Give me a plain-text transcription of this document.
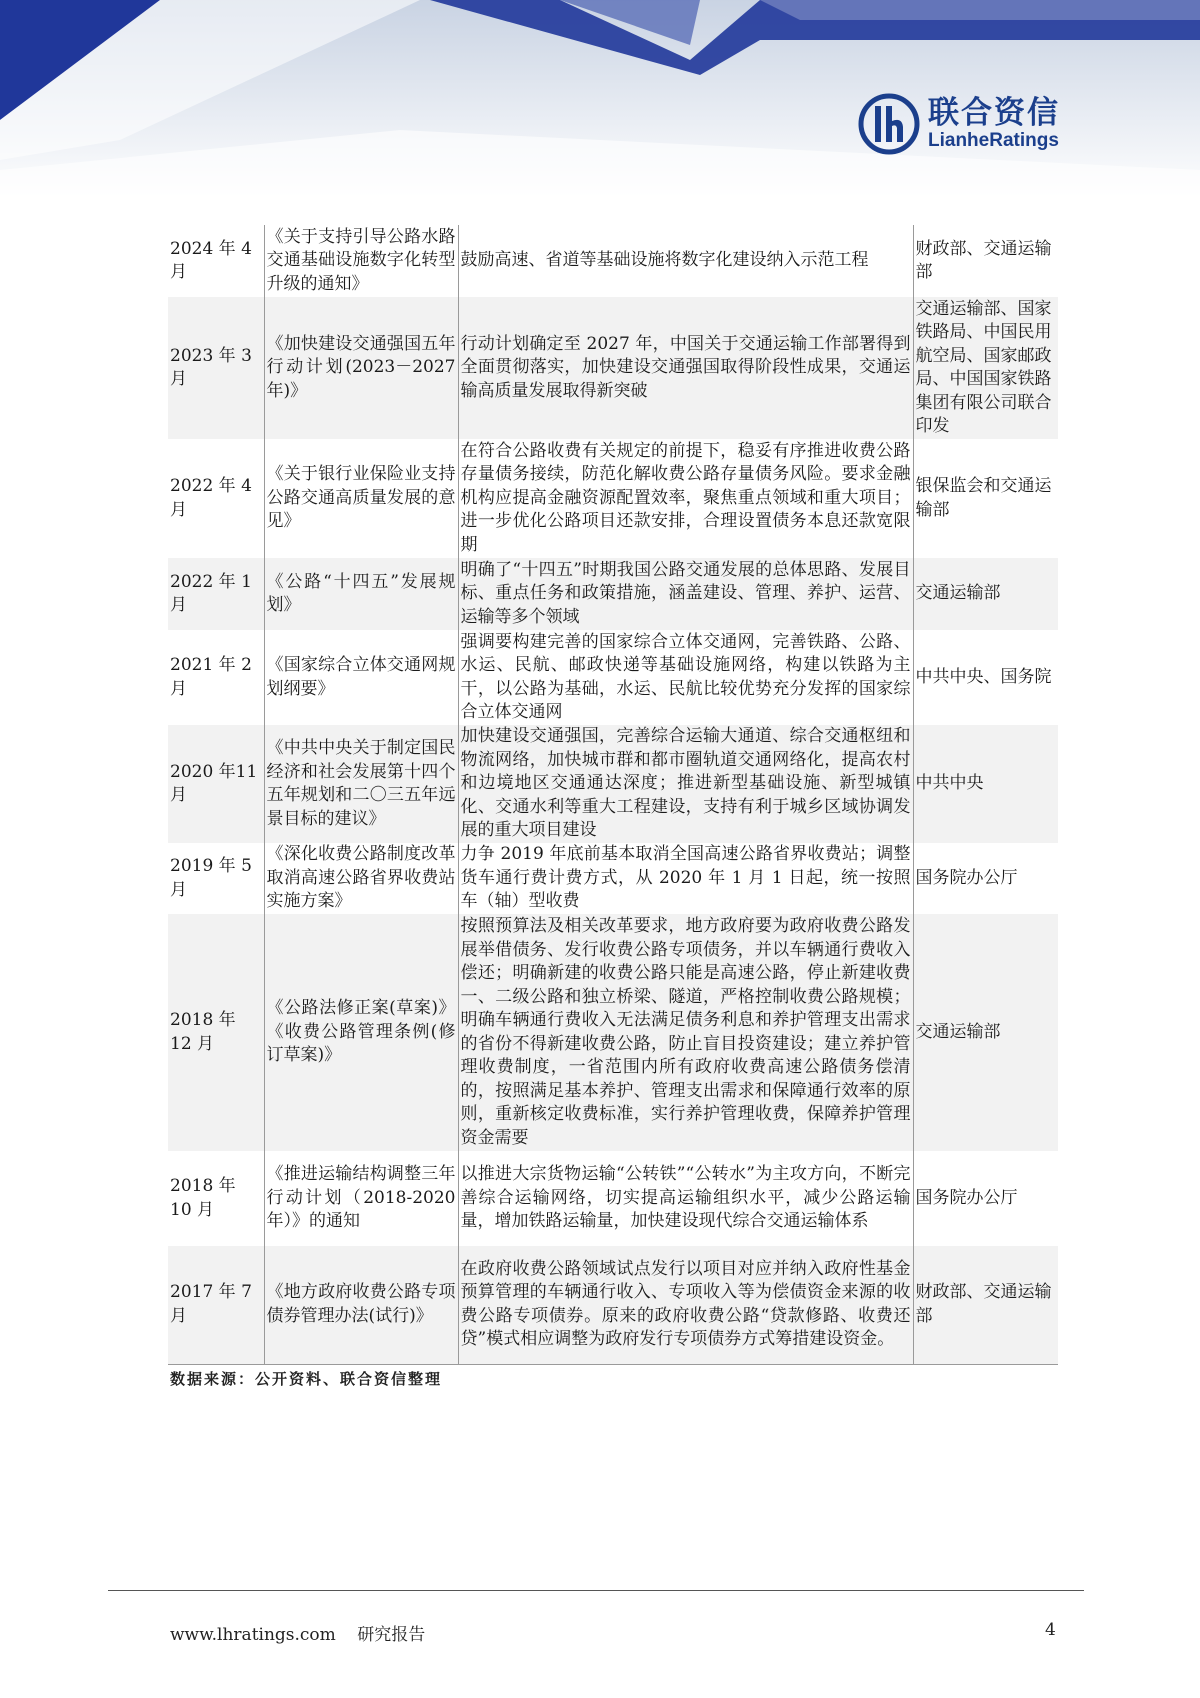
联合资信
LianheRatings
2024 年 4 月	《关于支持引导公路水路交通基础设施数字化转型升级的通知》	鼓励高速、省道等基础设施将数字化建设纳入示范工程	财政部、交通运输部
2023 年 3 月	《加快建设交通强国五年行动计划(2023－2027 年)》	行动计划确定至 2027 年，中国关于交通运输工作部署得到全面贯彻落实，加快建设交通强国取得阶段性成果，交通运输高质量发展取得新突破	交通运输部、国家铁路局、中国民用航空局、国家邮政局、中国国家铁路集团有限公司联合印发
2022 年 4 月	《关于银行业保险业支持公路交通高质量发展的意见》	在符合公路收费有关规定的前提下，稳妥有序推进收费公路存量债务接续，防范化解收费公路存量债务风险。要求金融机构应提高金融资源配置效率，聚焦重点领域和重大项目；进一步优化公路项目还款安排，合理设置债务本息还款宽限期	银保监会和交通运输部
2022 年 1 月	《公路“十四五”发展规划》	明确了“十四五”时期我国公路交通发展的总体思路、发展目标、重点任务和政策措施，涵盖建设、管理、养护、运营、运输等多个领域	交通运输部
2021 年 2 月	《国家综合立体交通网规划纲要》	强调要构建完善的国家综合立体交通网，完善铁路、公路、水运、民航、邮政快递等基础设施网络，构建以铁路为主干，以公路为基础，水运、民航比较优势充分发挥的国家综合立体交通网	中共中央、国务院
2020 年11月	《中共中央关于制定国民经济和社会发展第十四个五年规划和二〇三五年远景目标的建议》	加快建设交通强国，完善综合运输大通道、综合交通枢纽和物流网络，加快城市群和都市圈轨道交通网络化，提高农村和边境地区交通通达深度；推进新型基础设施、新型城镇化、交通水利等重大工程建设，支持有利于城乡区域协调发展的重大项目建设	中共中央
2019 年 5 月	《深化收费公路制度改革取消高速公路省界收费站实施方案》	力争 2019 年底前基本取消全国高速公路省界收费站；调整货车通行费计费方式，从 2020 年 1 月 1 日起，统一按照车（轴）型收费	国务院办公厅
2018 年 12 月	《公路法修正案(草案)》《收费公路管理条例(修订草案)》	按照预算法及相关改革要求，地方政府要为政府收费公路发展举借债务、发行收费公路专项债务，并以车辆通行费收入偿还；明确新建的收费公路只能是高速公路，停止新建收费一、二级公路和独立桥梁、隧道，严格控制收费公路规模；明确车辆通行费收入无法满足债务利息和养护管理支出需求的省份不得新建收费公路，防止盲目投资建设；建立养护管理收费制度，一省范围内所有政府收费高速公路债务偿清的，按照满足基本养护、管理支出需求和保障通行效率的原则，重新核定收费标准，实行养护管理收费，保障养护管理资金需要	交通运输部
2018 年 10 月	《推进运输结构调整三年行动计划（2018-2020 年）》的通知	以推进大宗货物运输“公转铁”“公转水”为主攻方向，不断完善综合运输网络，切实提高运输组织水平，减少公路运输量，增加铁路运输量，加快建设现代综合交通运输体系	国务院办公厅
2017 年 7 月	《地方政府收费公路专项债券管理办法(试行)》	在政府收费公路领域试点发行以项目对应并纳入政府性基金预算管理的车辆通行收入、专项收入等为偿债资金来源的收费公路专项债券。原来的政府收费公路“贷款修路、收费还贷”模式相应调整为政府发行专项债券方式筹措建设资金。	财政部、交通运输部
数据来源：公开资料、联合资信整理
www.lhratings.com 研究报告	4
